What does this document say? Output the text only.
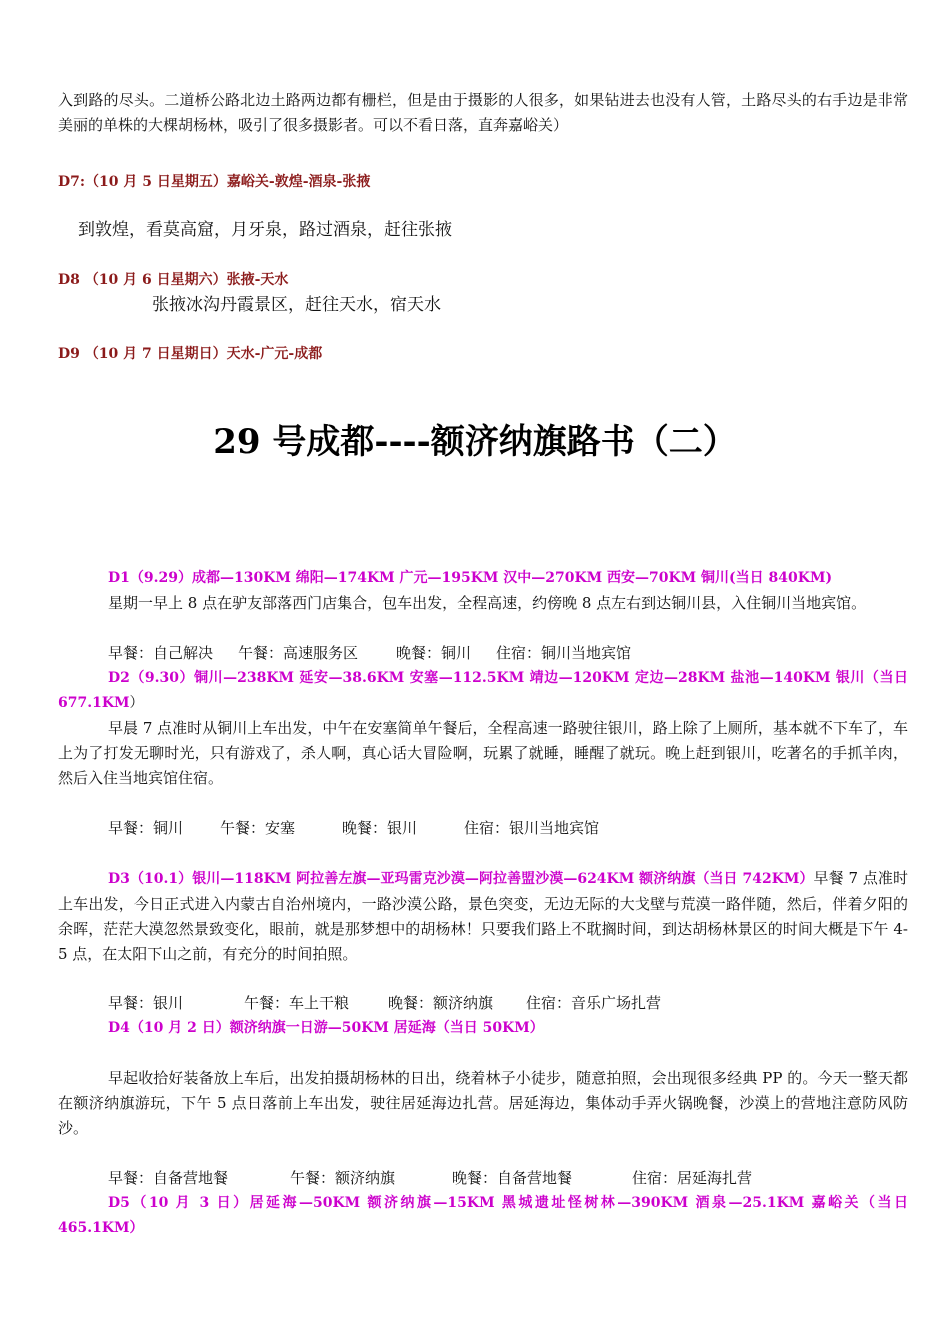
入到路的尽头。二道桥公路北边土路两边都有栅栏，但是由于摄影的人很多，如果钻进去也没有人管，土路尽头的右手边是非常美丽的单株的大棵胡杨林，吸引了很多摄影者。可以不看日落，直奔嘉峪关）
D7:（10 月 5 日星期五）嘉峪关-敦煌-酒泉-张掖
到敦煌，看莫高窟，月牙泉，路过酒泉，赶往张掖
D8 （10 月 6 日星期六）张掖-天水
张掖冰沟丹霞景区，赶往天水，宿天水
D9 （10 月 7 日星期日）天水-广元-成都
29 号成都----额济纳旗路书（二）
D1（9.29）成都—130KM 绵阳—174KM 广元—195KM 汉中—270KM 西安—70KM 铜川(当日 840KM)
星期一早上 8 点在驴友部落西门店集合，包车出发，全程高速，约傍晚 8 点左右到达铜川县，入住铜川当地宾馆。
早餐：自己解决 午餐：高速服务区	晚餐：铜川 住宿：铜川当地宾馆
D2（9.30）铜川—238KM 延安—38.6KM 安塞—112.5KM 靖边—120KM 定边—28KM 盐池—140KM 银川（当日 677.1KM）
早晨 7 点准时从铜川上车出发，中午在安塞简单午餐后，全程高速一路驶往银川，路上除了上厕所，基本就不下车了，车上为了打发无聊时光，只有游戏了，杀人啊，真心话大冒险啊，玩累了就睡，睡醒了就玩。晚上赶到银川，吃著名的手抓羊肉，然后入住当地宾馆住宿。
早餐：铜川 午餐：安塞	晚餐：银川	住宿：银川当地宾馆
D3（10.1）银川—118KM 阿拉善左旗—亚玛雷克沙漠—阿拉善盟沙漠—624KM 额济纳旗（当日 742KM）早餐 7 点准时上车出发，今日正式进入内蒙古自治州境内，一路沙漠公路，景色突变，无边无际的大戈壁与荒漠一路伴随，然后，伴着夕阳的余晖，茫茫大漠忽然景致变化，眼前，就是那梦想中的胡杨林！只要我们路上不耽搁时间，到达胡杨林景区的时间大概是下午 4-5 点，在太阳下山之前，有充分的时间拍照。
早餐：银川	午餐：车上干粮	晚餐：额济纳旗 住宿：音乐广场扎营
D4（10 月 2 日）额济纳旗一日游—50KM 居延海（当日 50KM）
早起收拾好装备放上车后，出发拍摄胡杨林的日出，绕着林子小徒步，随意拍照，会出现很多经典 PP 的。今天一整天都在额济纳旗游玩，下午 5 点日落前上车出发，驶往居延海边扎营。居延海边，集体动手弄火锅晚餐，沙漠上的营地注意防风防沙。
早餐：自备营地餐	午餐：额济纳旗	晚餐：自备营地餐	住宿：居延海扎营
D5（10 月 3 日）居延海—50KM 额济纳旗—15KM 黑城遗址怪树林—390KM 酒泉—25.1KM 嘉峪关（当日 465.1KM）
